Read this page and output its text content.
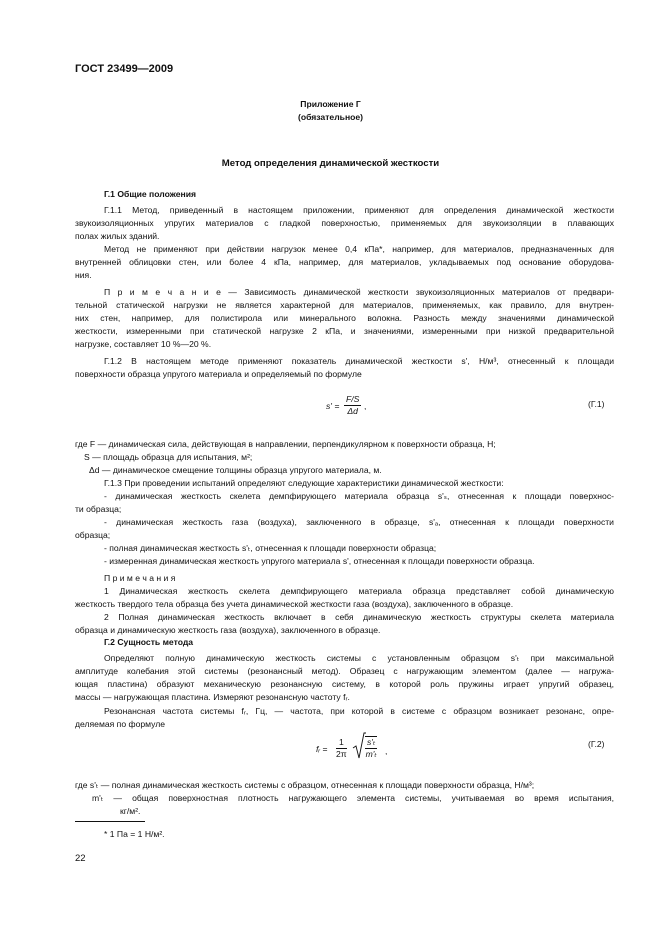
ГОСТ 23499—2009
Приложение Г
(обязательное)
Метод определения динамической жесткости
Г.1 Общие положения
Г.1.1 Метод, приведенный в настоящем приложении, применяют для определения динамической жесткости
звукоизоляционных упругих материалов с гладкой поверхностью, применяемых для звукоизоляции в плавающих
полах жилых зданий.
Метод не применяют при действии нагрузок менее 0,4 кПа*, например, для материалов, предназначенных для
внутренней облицовки стен, или более 4 кПа, например, для материалов, укладываемых под основание оборудова-
ния.
П р и м е ч а н и е — Зависимость динамической жесткости звукоизоляционных материалов от предвари-
тельной статической нагрузки не является характерной для материалов, применяемых, как правило, для внутрен-
них стен, например, для полистирола или минерального волокна. Разность между значениями динамической
жесткости, измеренными при статической нагрузке 2 кПа, и значениями, измеренными при низкой предварительной
нагрузке, составляет 10 %—20 %.
Г.1.2 В настоящем методе применяют показатель динамической жесткости s', Н/м³, отнесенный к площади
поверхности образца упругого материала и определяемый по формуле
$s' = \frac{F/S}{\Delta d}$ ,	(Г.1)
где F — динамическая сила, действующая в направлении, перпендикулярном к поверхности образца, Н;
S — площадь образца для испытания, м²;
Δd — динамическое смещение толщины образца упругого материала, м.
Г.1.3 При проведении испытаний определяют следующие характеристики динамической жесткости:
- динамическая жесткость скелета демпфирующего материала образца s'ₛ, отнесенная к площади поверхнос-
ти образца;
- динамическая жесткость газа (воздуха), заключенного в образце, s'ₐ, отнесенная к площади поверхности
образца;
- полная динамическая жесткость s'ₜ, отнесенная к площади поверхности образца;
- измеренная динамическая жесткость упругого материала s', отнесенная к площади поверхности образца.
П р и м е ч а н и я
1 Динамическая жесткость скелета демпфирующего материала образца представляет собой динамическую
жесткость твердого тела образца без учета динамической жесткости газа (воздуха), заключенного в образце.
2 Полная динамическая жесткость включает в себя динамическую жесткость структуры скелета материала
образца и динамическую жесткость газа (воздуха), заключенного в образце.
Г.2 Сущность метода
Определяют полную динамическую жесткость системы с установленным образцом s'ₜ при максимальной
амплитуде колебания этой системы (резонансный метод). Образец с нагружающим элементом (далее — нагружа-
ющая пластина) образуют механическую резонансную систему, в которой роль пружины играет упругий образец,
массы — нагружающая пластина. Измеряют резонансную частоту fᵣ.
Резонансная частота системы fᵣ, Гц, — частота, при которой в системе с образцом возникает резонанс, опре-
деляемая по формуле
fᵣ = $\frac{1}{2\pi} \frac{\text{s'ₜ}}{\text{m'ₜ}}$ ,
(Г.2)
где s'ₜ — полная динамическая жесткость системы с образцом, отнесенная к площади поверхности образца, Н/м³;
m'ₜ — общая поверхностная плотность нагружающего элемента системы, учитываемая во время испытания,
кг/м².
* 1 Па = 1 Н/м².
22
